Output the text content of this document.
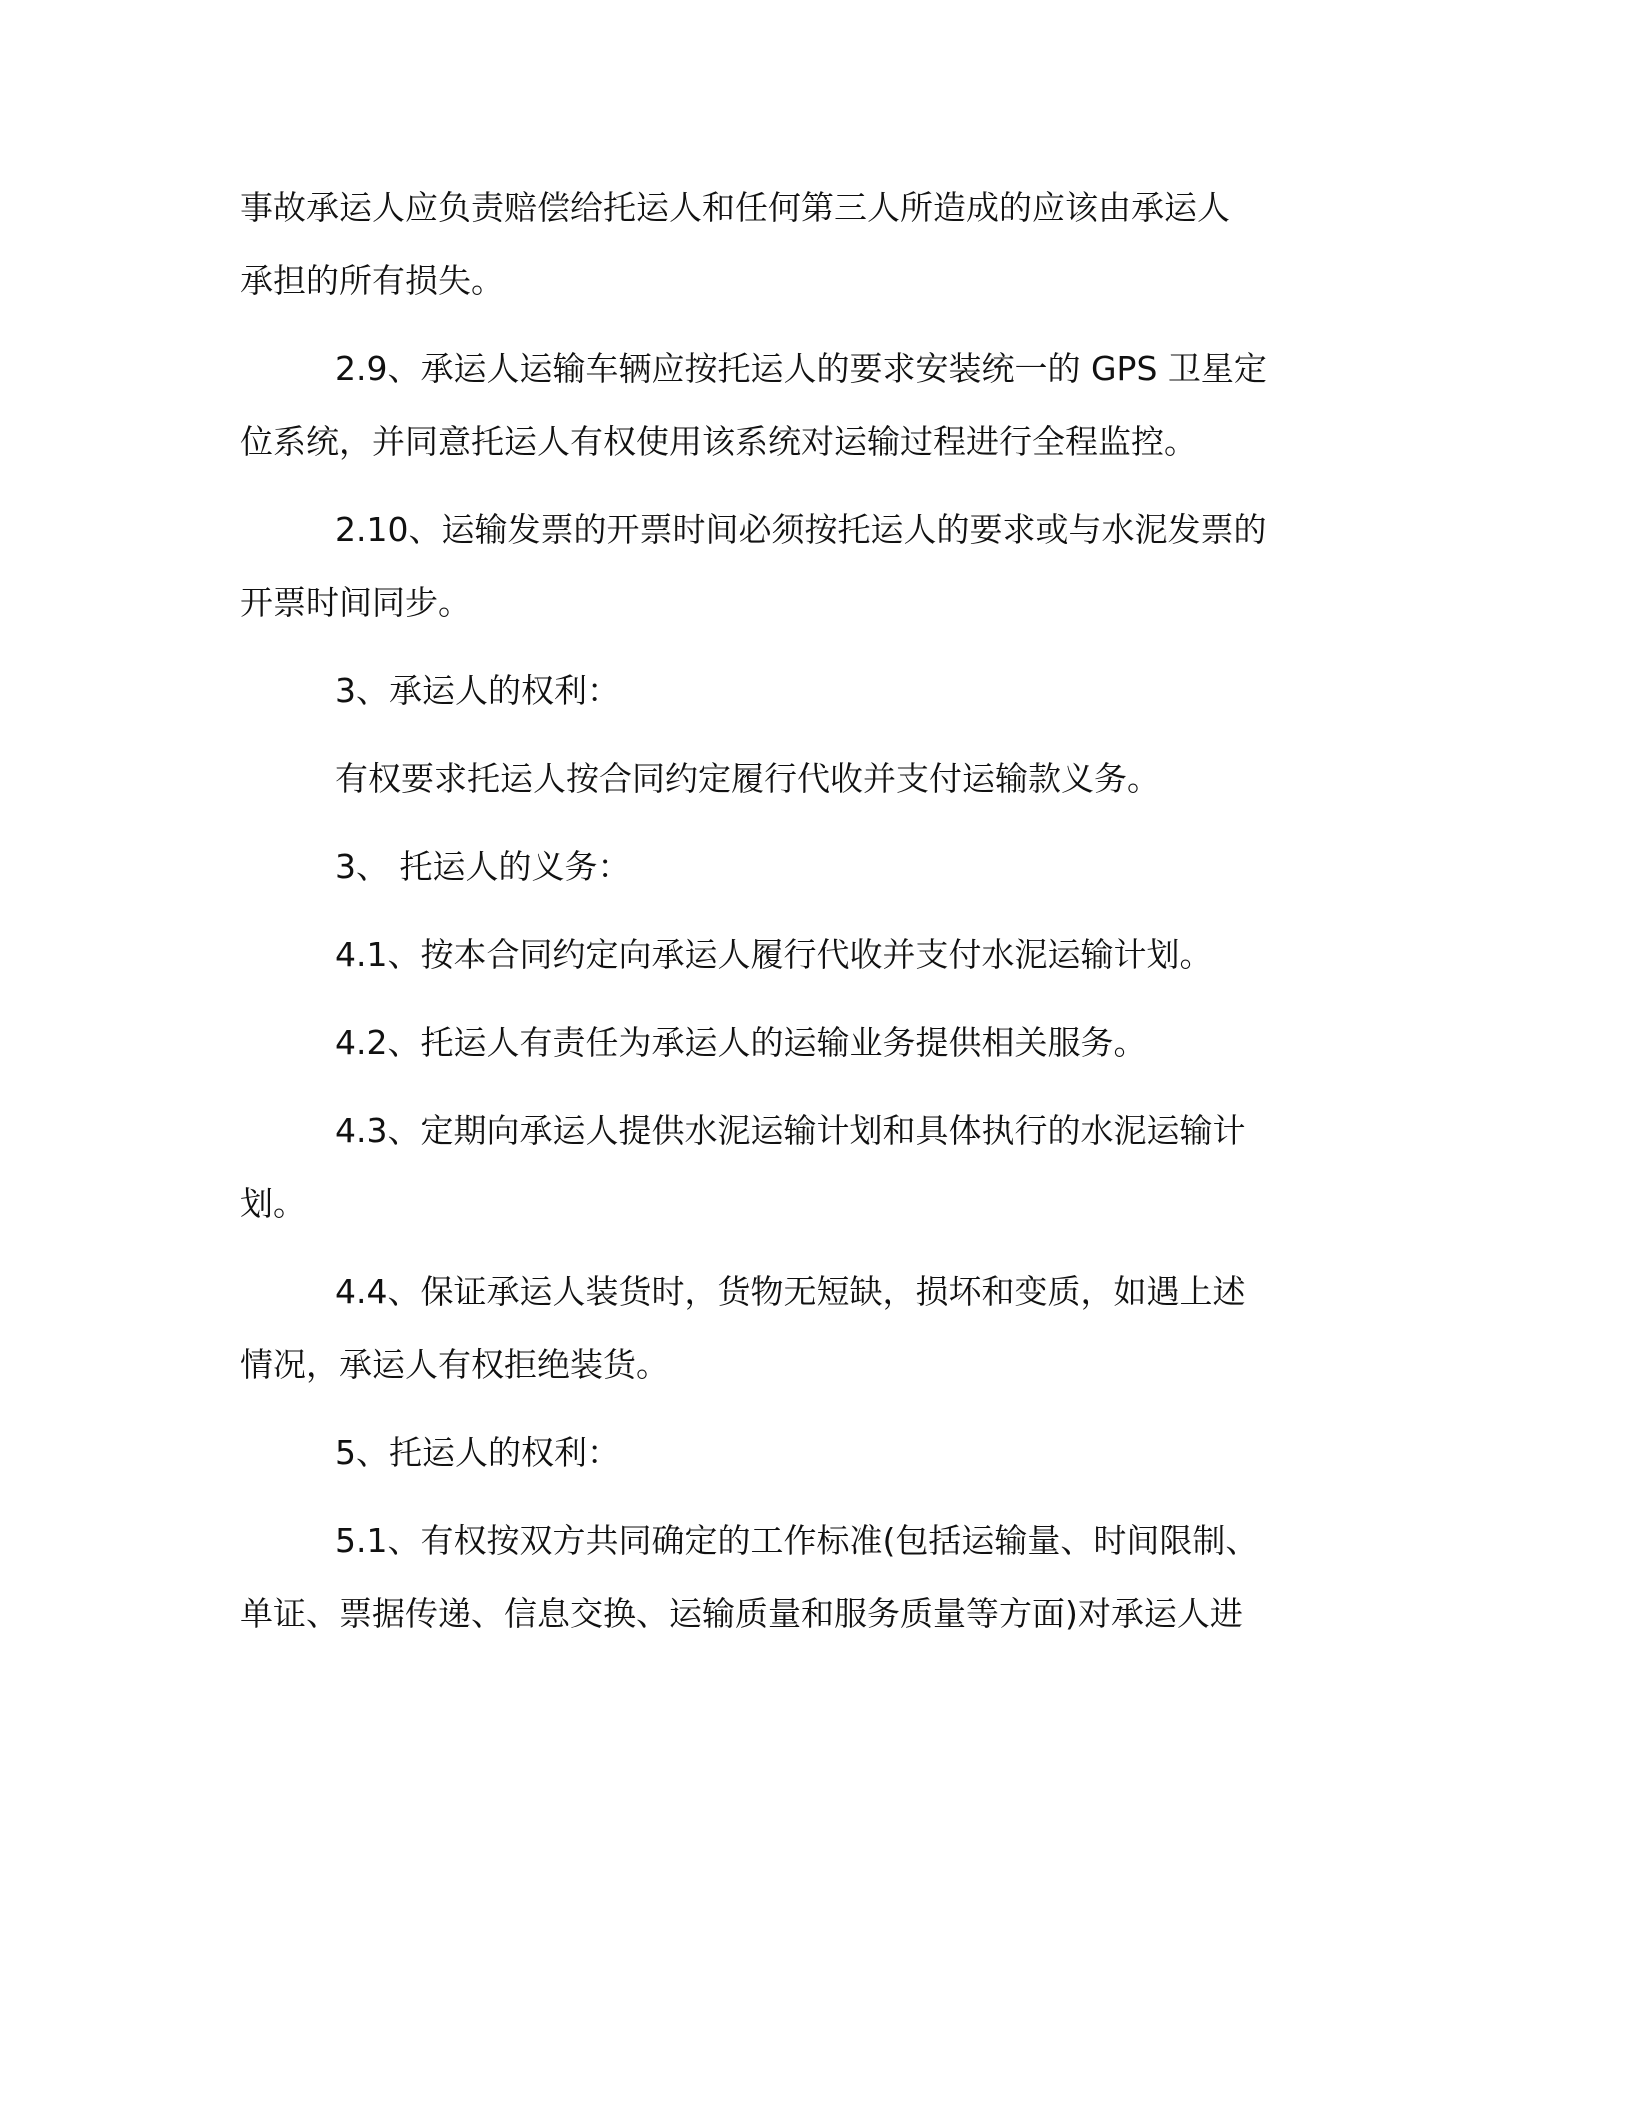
事故承运人应负责赔偿给托运人和任何第三人所造成的应该由承运人
承担的所有损失。
2.9、承运人运输车辆应按托运人的要求安装统一的 GPS 卫星定
位系统，并同意托运人有权使用该系统对运输过程进行全程监控。
2.10、运输发票的开票时间必须按托运人的要求或与水泥发票的
开票时间同步。
3、承运人的权利：
有权要求托运人按合同约定履行代收并支付运输款义务。
3、 托运人的义务：
4.1、按本合同约定向承运人履行代收并支付水泥运输计划。
4.2、托运人有责任为承运人的运输业务提供相关服务。
4.3、定期向承运人提供水泥运输计划和具体执行的水泥运输计
划。
4.4、保证承运人装货时，货物无短缺，损坏和变质，如遇上述
情况，承运人有权拒绝装货。
5、托运人的权利：
5.1、有权按双方共同确定的工作标准(包括运输量、时间限制、
单证、票据传递、信息交换、运输质量和服务质量等方面)对承运人进
